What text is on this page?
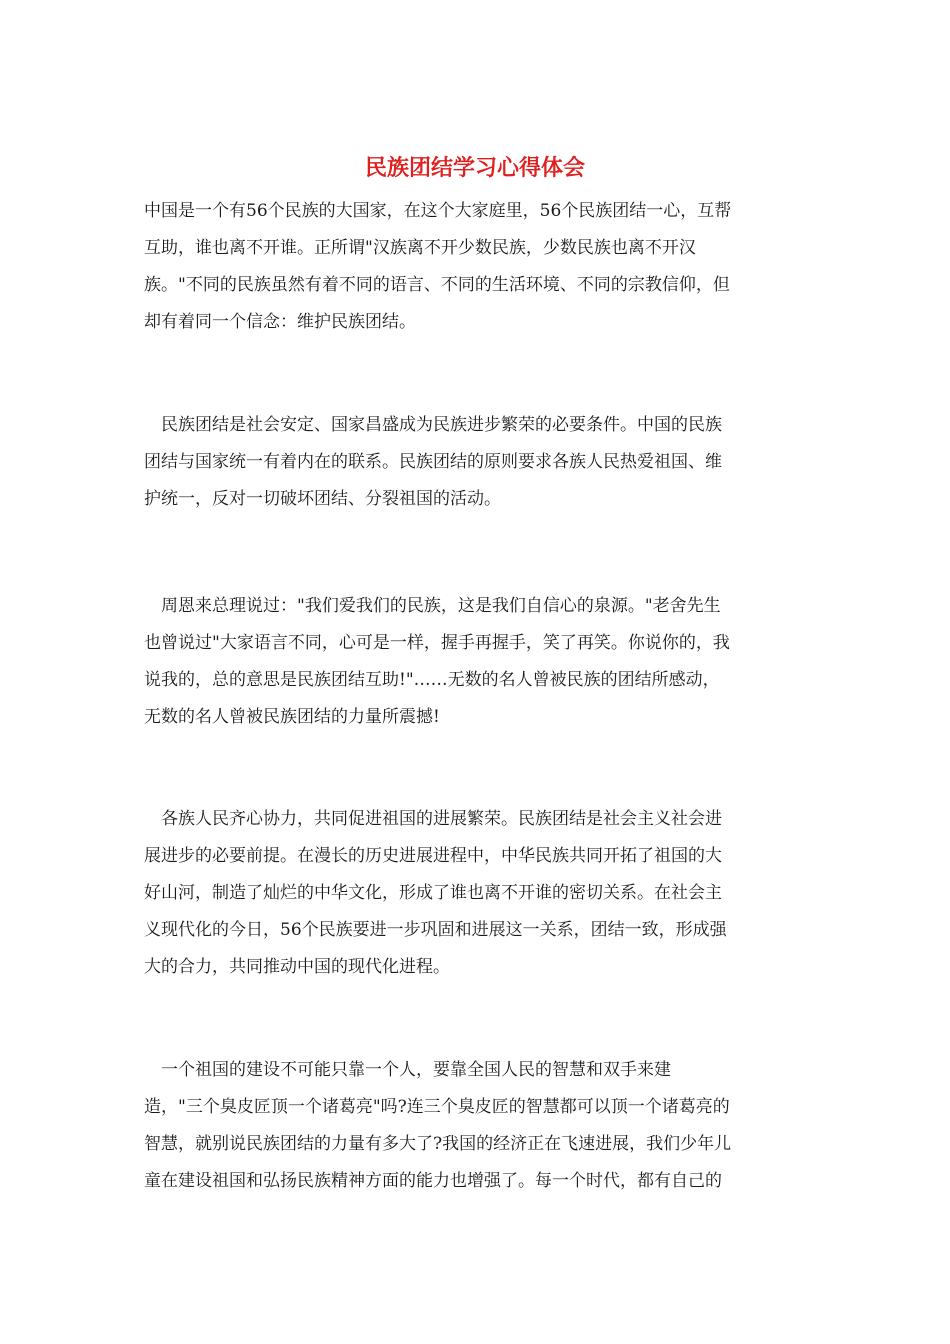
民族团结学习心得体会

中国是一个有56个民族的大国家，在这个大家庭里，56个民族团结一心，互帮
互助，谁也离不开谁。正所谓"汉族离不开少数民族，少数民族也离不开汉
族。"不同的民族虽然有着不同的语言、不同的生活环境、不同的宗教信仰，但
却有着同一个信念：维护民族团结。

　民族团结是社会安定、国家昌盛成为民族进步繁荣的必要条件。中国的民族
团结与国家统一有着内在的联系。民族团结的原则要求各族人民热爱祖国、维
护统一，反对一切破坏团结、分裂祖国的活动。

　周恩来总理说过："我们爱我们的民族，这是我们自信心的泉源。"老舍先生
也曾说过"大家语言不同，心可是一样，握手再握手，笑了再笑。你说你的，我
说我的，总的意思是民族团结互助!"……无数的名人曾被民族的团结所感动，
无数的名人曾被民族团结的力量所震撼!

　各族人民齐心协力，共同促进祖国的进展繁荣。民族团结是社会主义社会进
展进步的必要前提。在漫长的历史进展进程中，中华民族共同开拓了祖国的大
好山河，制造了灿烂的中华文化，形成了谁也离不开谁的密切关系。在社会主
义现代化的今日，56个民族要进一步巩固和进展这一关系，团结一致，形成强
大的合力，共同推动中国的现代化进程。

　一个祖国的建设不可能只靠一个人，要靠全国人民的智慧和双手来建
造，"三个臭皮匠顶一个诸葛亮"吗?连三个臭皮匠的智慧都可以顶一个诸葛亮的
智慧，就别说民族团结的力量有多大了?我国的经济正在飞速进展，我们少年儿
童在建设祖国和弘扬民族精神方面的能力也增强了。每一个时代，都有自己的
